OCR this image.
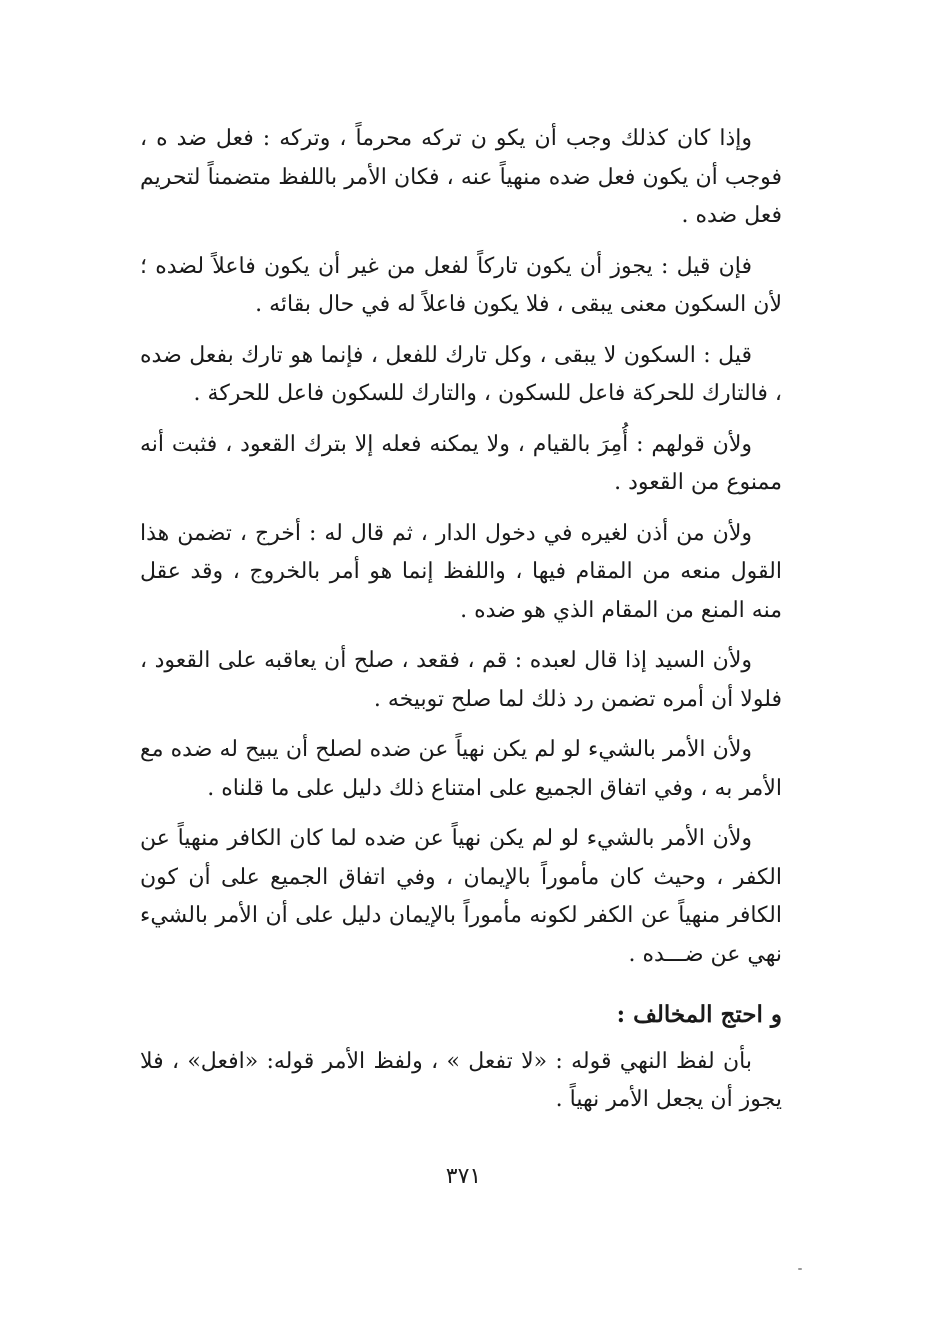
وإذا كان كذلك وجب أن يكو ن تركه محرماً ، وتركه : فعل ضد ه ، فوجب أن يكون فعل ضده منهياً عنه ، فكان الأمر باللفظ متضمناً لتحريم فعل ضده .

فإن قيل : يجوز أن يكون تاركاً لفعل من غير أن يكون فاعلاً لضده ؛ لأن السكون معنى يبقى ، فلا يكون فاعلاً له في حال بقائه .

قيل : السكون لا يبقى ، وكل تارك للفعل ، فإنما هو تارك بفعل ضده ، فالتارك للحركة فاعل للسكون ، والتارك للسكون فاعل للحركة .

ولأن قولهم : أُمِرَ بالقيام ، ولا يمكنه فعله إلا بترك القعود ، فثبت أنه ممنوع من القعود .

ولأن من أذن لغيره في دخول الدار ، ثم قال له : أخرج ، تضمن هذا القول منعه من المقام فيها ، واللفظ إنما هو أمر بالخروج ، وقد عقل منه المنع من المقام الذي هو ضده .

ولأن السيد إذا قال لعبده : قم ، فقعد ، صلح أن يعاقبه على القعود ، فلولا أن أمره تضمن رد ذلك لما صلح توبيخه .

ولأن الأمر بالشيء لو لم يكن نهياً عن ضده لصلح أن يبيح له ضده مع الأمر به ، وفي اتفاق الجميع على امتناع ذلك دليل على ما قلناه .

ولأن الأمر بالشيء لو لم يكن نهياً عن ضده لما كان الكافر منهياً عن الكفر ، وحيث كان مأموراً بالإيمان ، وفي اتفاق الجميع على أن كون الكافر منهياً عن الكفر لكونه مأموراً بالإيمان دليل على أن الأمر بالشيء نهي عن ضـــده .

و احتج المخالف :

بأن لفظ النهي قوله : «لا تفعل » ، ولفظ الأمر قوله: «افعل» ، فلا يجوز أن يجعل الأمر نهياً .

٣٧١
